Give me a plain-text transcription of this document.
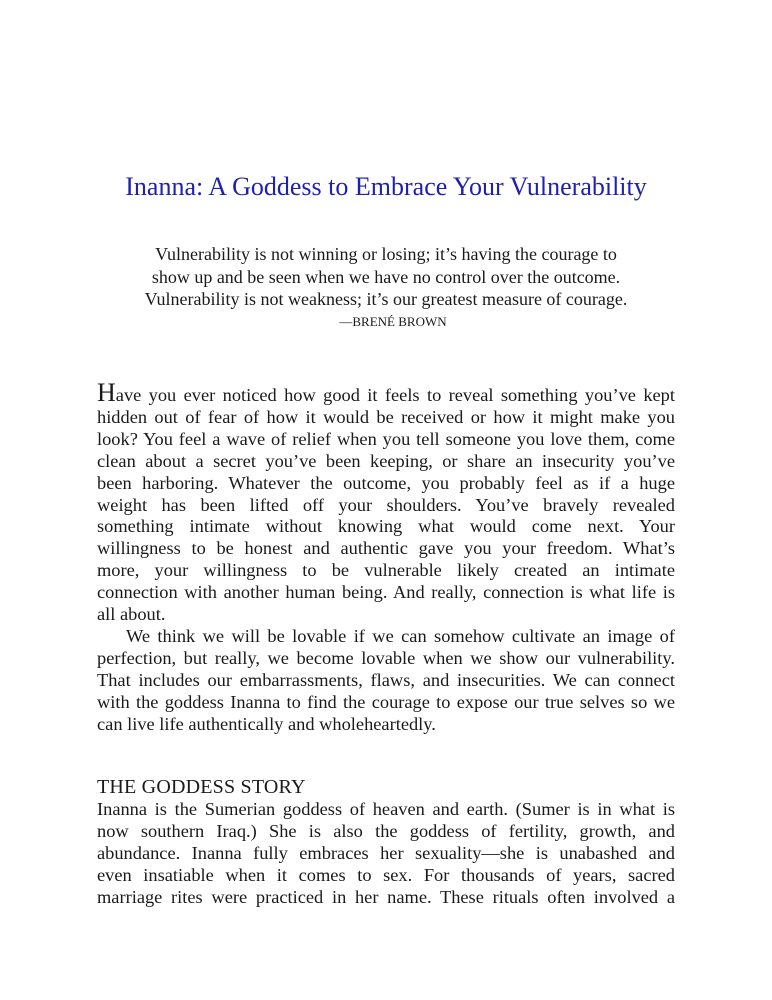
Inanna: A Goddess to Embrace Your Vulnerability
Vulnerability is not winning or losing; it’s having the courage to
show up and be seen when we have no control over the outcome.
Vulnerability is not weakness; it’s our greatest measure of courage.
—BRENÉ BROWN

Have you ever noticed how good it feels to reveal something you’ve kept
hidden out of fear of how it would be received or how it might make you
look? You feel a wave of relief when you tell someone you love them, come
clean about a secret you’ve been keeping, or share an insecurity you’ve
been harboring. Whatever the outcome, you probably feel as if a huge
weight has been lifted off your shoulders. You’ve bravely revealed
something intimate without knowing what would come next. Your
willingness to be honest and authentic gave you your freedom. What’s
more, your willingness to be vulnerable likely created an intimate
connection with another human being. And really, connection is what life is
all about.

We think we will be lovable if we can somehow cultivate an image of
perfection, but really, we become lovable when we show our vulnerability.
That includes our embarrassments, flaws, and insecurities. We can connect
with the goddess Inanna to find the courage to expose our true selves so we
can live life authentically and wholeheartedly.

THE GODDESS STORY

Inanna is the Sumerian goddess of heaven and earth. (Sumer is in what is
now southern Iraq.) She is also the goddess of fertility, growth, and
abundance. Inanna fully embraces her sexuality—she is unabashed and
even insatiable when it comes to sex. For thousands of years, sacred
marriage rites were practiced in her name. These rituals often involved a
